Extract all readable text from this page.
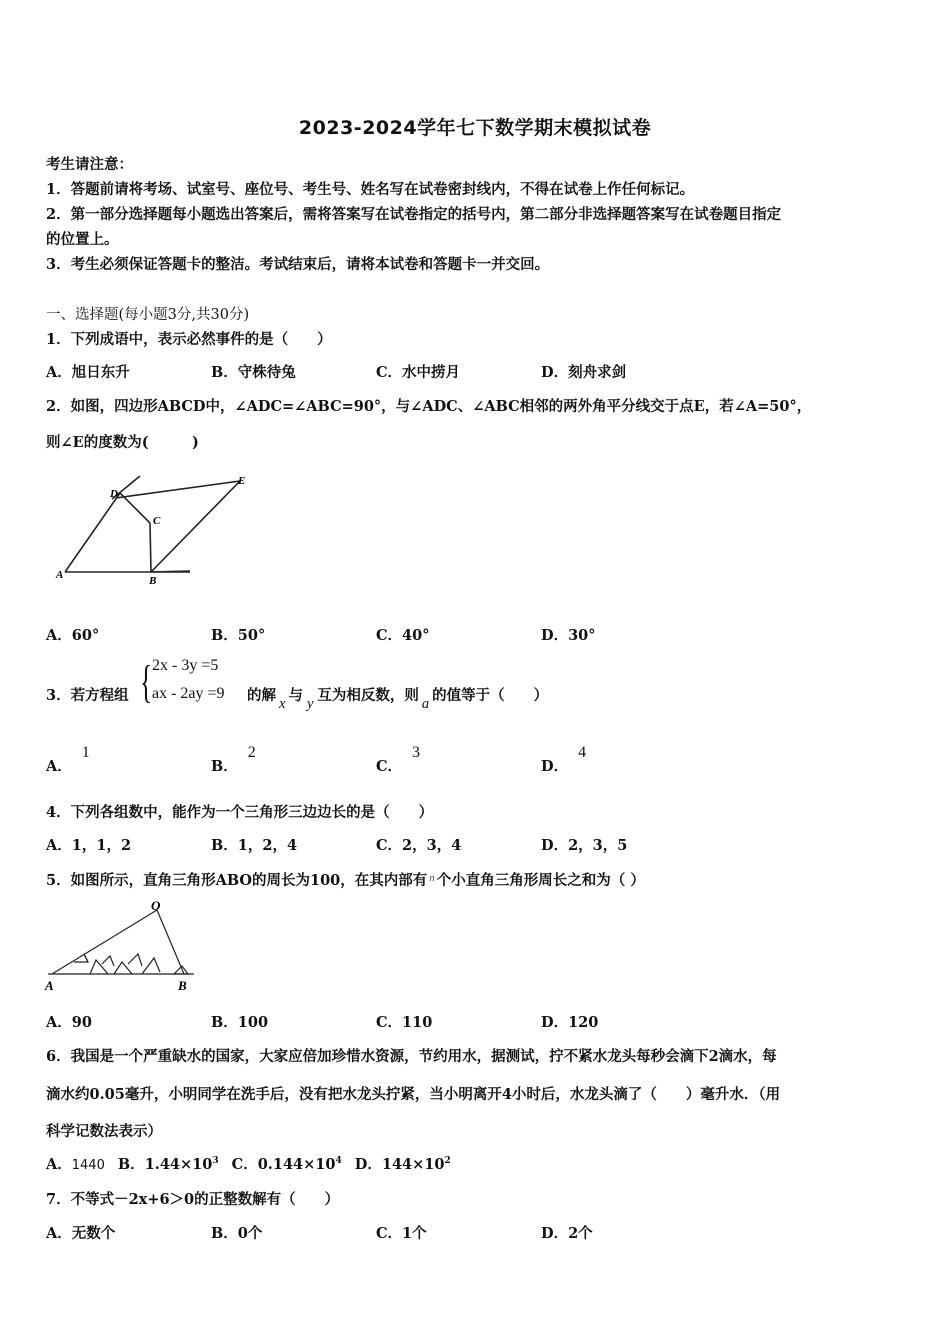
2023-2024学年七下数学期末模拟试卷
考生请注意：
1．答题前请将考场、试室号、座位号、考生号、姓名写在试卷密封线内，不得在试卷上作任何标记。
2．第一部分选择题每小题选出答案后，需将答案写在试卷指定的括号内，第二部分非选择题答案写在试卷题目指定
的位置上。
3．考生必须保证答题卡的整洁。考试结束后，请将本试卷和答题卡一并交回。
一、选择题(每小题3分,共30分)
1．下列成语中，表示必然事件的是（　　）
A．旭日东升	B．守株待兔	C．水中捞月	D．刻舟求剑
2．如图，四边形ABCD中，∠ADC=∠ABC=90°，与∠ADC、∠ABC相邻的两外角平分线交于点E，若∠A=50°，
则∠E的度数为(　　　)
D
E
C
A	B
A．60°	B．50°	C．40°	D．30°
3．若方程组 { 2x - 3y =5
ax - 2ay =9 的解 x 与 y 互为相反数，则 a 的值等于（　　）
A．1
B．2
C．3
D．4
4．下列各组数中，能作为一个三角形三边边长的是（　　）
A．1，1，2	B．1，2，4	C．2，3，4	D．2，3，5
5．如图所示，直角三角形ABO的周长为100，在其内部有 $^n$ 个小直角三角形周长之和为（ ）
O
A	B
A．90	B．100	C．110	D．120
6．我国是一个严重缺水的国家，大家应倍加珍惜水资源，节约用水，据测试，拧不紧水龙头每秒会滴下2滴水，每
滴水约0.05毫升，小明同学在洗手后，没有把水龙头拧紧，当小明离开4小时后，水龙头滴了（　　）毫升水．（用
科学记数法表示）
A．1440 B．$1.44\times 10^3$ C．$0.144\times 10^4$ D．$144\times 10^2$
7．不等式－2x+6＞0的正整数解有（　　）
A．无数个	B．0个	C．1个	D．2个
